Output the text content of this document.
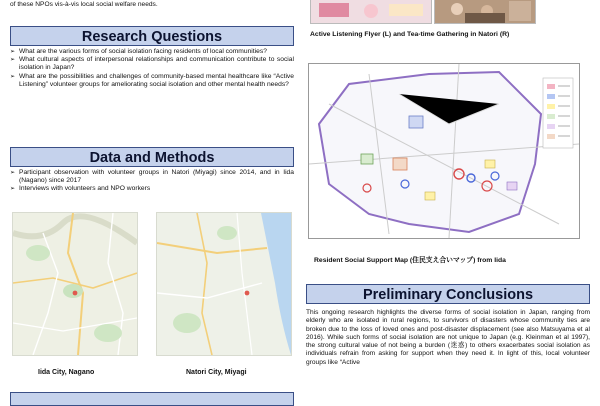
of these NPOs vis-à-vis local social welfare needs.

Research Questions
➢ What are the various forms of social isolation facing residents of local communities?
➢ What cultural aspects of interpersonal relationships and communication contribute to social isolation in Japan?
➢ What are the possibilities and challenges of community-based mental healthcare like “Active Listening” volunteer groups for ameliorating social isolation and other mental health needs?
Data and Methods
➢ Participant observation with volunteer groups in Natori (Miyagi) since 2014, and in Iida (Nagano) since 2017
➢ Interviews with volunteers and NPO workers
Iida City, Nagano	Natori City, Miyagi
Active Listening Flyer (L) and Tea-time Gathering in Natori (R)
Resident Social Support Map (住民支え合いマップ) from Iida
Preliminary Conclusions

This ongoing research highlights the diverse forms of social isolation in Japan, ranging from elderly who are isolated in rural regions, to survivors of disasters whose community ties are broken due to the loss of loved ones and post-disaster displacement (see also Matsuyama et al 2016). While such forms of social isolation are not unique to Japan (e.g. Kleinman et al 1997), the strong cultural value of not being a burden (迷惑) to others exacerbates social isolation as individuals refrain from asking for support when they need it. In light of this, local volunteer groups like “Active
